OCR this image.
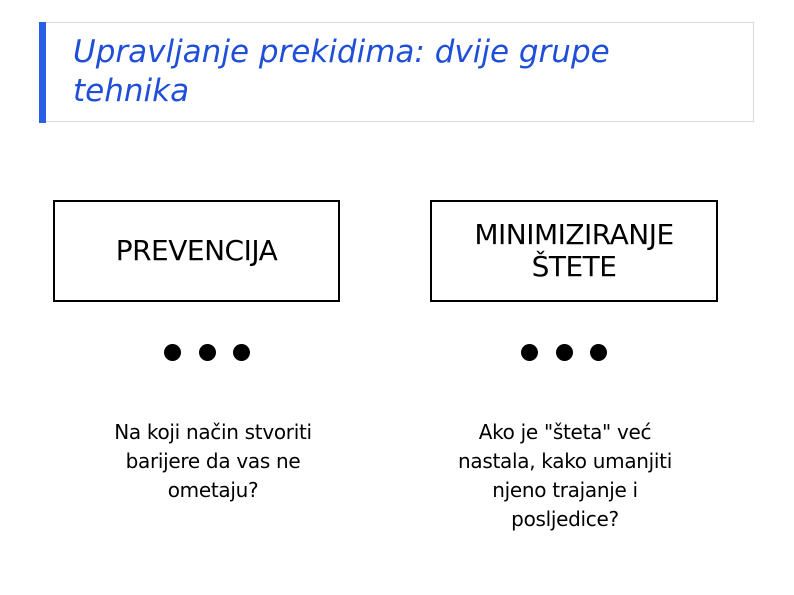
Upravljanje prekidima: dvije grupe tehnika
PREVENCIJA	MINIMIZIRANJE
ŠTETE
Na koji način stvoriti
barijere da vas ne
ometaju?
Ako je "šteta" već
nastala, kako umanjiti
njeno trajanje i
posljedice?
